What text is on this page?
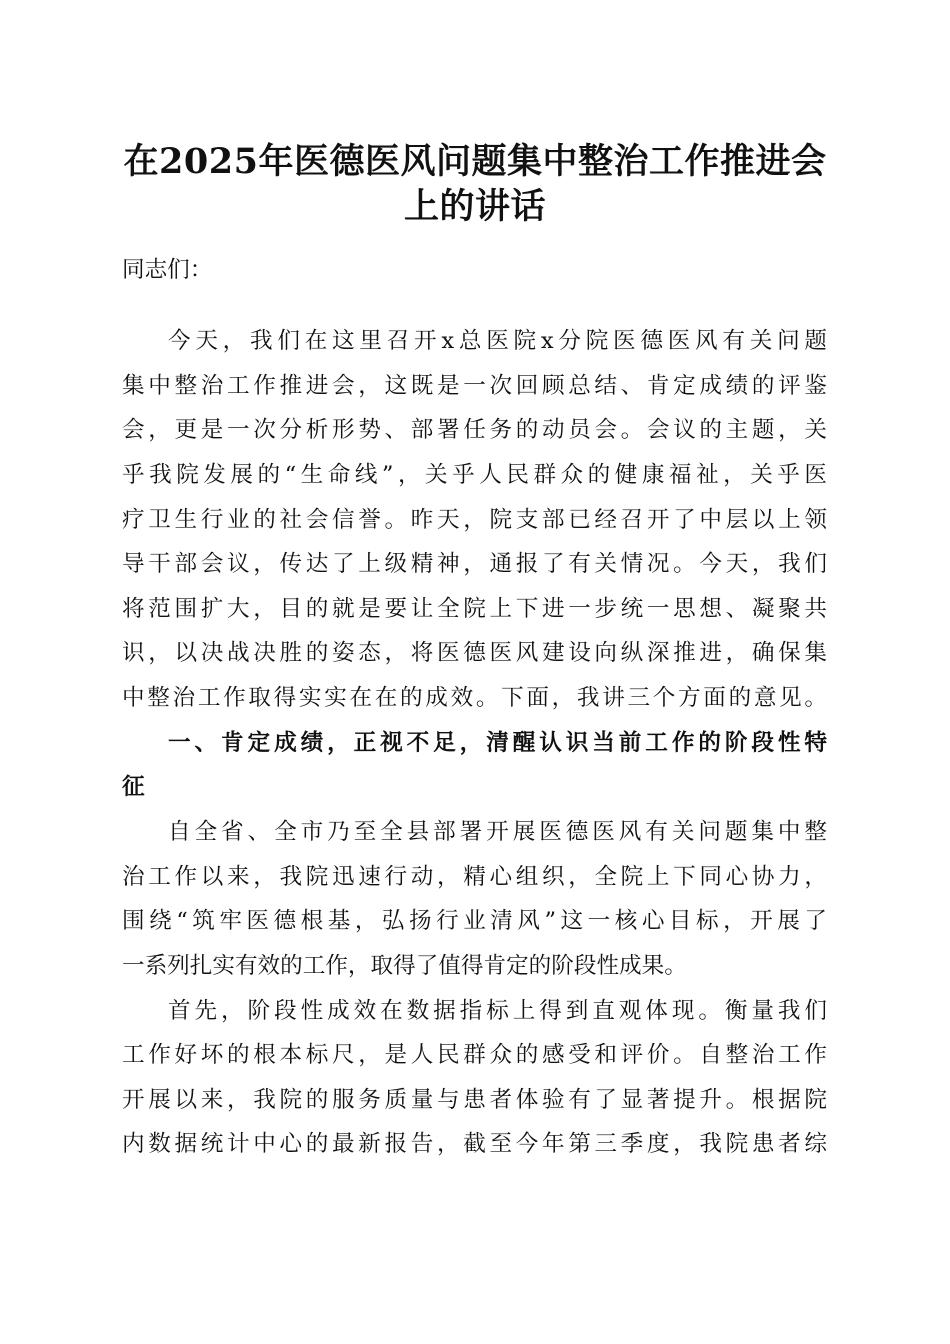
在2025年医德医风问题集中整治工作推进会
上的讲话
同志们：
今天，我们在这里召开x总医院x分院医德医风有关问题
集中整治工作推进会，这既是一次回顾总结、肯定成绩的评鉴
会，更是一次分析形势、部署任务的动员会。会议的主题，关
乎我院发展的“生命线”，关乎人民群众的健康福祉，关乎医
疗卫生行业的社会信誉。昨天，院支部已经召开了中层以上领
导干部会议，传达了上级精神，通报了有关情况。今天，我们
将范围扩大，目的就是要让全院上下进一步统一思想、凝聚共
识，以决战决胜的姿态，将医德医风建设向纵深推进，确保集
中整治工作取得实实在在的成效。下面，我讲三个方面的意见。
一、肯定成绩，正视不足，清醒认识当前工作的阶段性特
征
自全省、全市乃至全县部署开展医德医风有关问题集中整
治工作以来，我院迅速行动，精心组织，全院上下同心协力，
围绕“筑牢医德根基，弘扬行业清风”这一核心目标，开展了
一系列扎实有效的工作，取得了值得肯定的阶段性成果。
首先，阶段性成效在数据指标上得到直观体现。衡量我们
工作好坏的根本标尺，是人民群众的感受和评价。自整治工作
开展以来，我院的服务质量与患者体验有了显著提升。根据院
内数据统计中心的最新报告，截至今年第三季度，我院患者综
